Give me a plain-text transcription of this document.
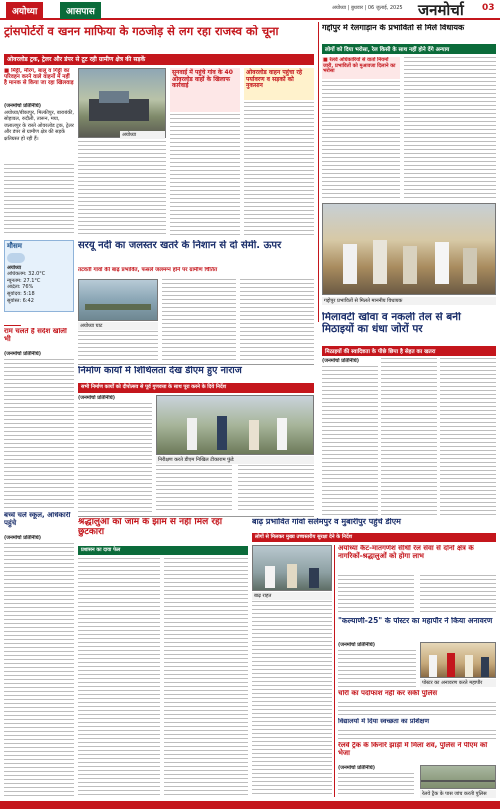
अयोध्या	आसपास	अयोध्या | बुधवार | 06 जुलाई, 2025 जनमोर्चा 03
ट्रांसपोर्टरों व खनन माफिया के गठजोड़ से लग रहा राजस्व को चूना
ओवरलोड ट्रक, ट्रेलर और डंपर से टूट रही ग्रामीण क्षेत्र की सड़कें
■ मिट्टी, मौरंग, बालू व गिट्टी का परिवहन करने वाले वाहनों में नहीं है मानक से किया जा रहा खिलवाड़
(जनमोर्चा प्रतिनिधि)
अयोध्या/बीकापुर, मिल्कीपुर, बाराबंकी, सोहावल, रुदौली, तारून, मया, जलालपुर के रास्ते ओवरलोड ट्रक, ट्रेलर और डंपर से ग्रामीण क्षेत्र की सड़कें क्षतिग्रस्त हो रही हैं।
अयोध्या
सुनवाई में पहुंचे गांव के 40 ओवरलोड वाहों के खिलाफ कार्रवाई
ओवरलोड वाहन पहुंचा रहे पर्यावरण व सड़कों को नुकसान
गद्दोपुर में रेलगाड़ान के प्रभावितों से मिले विधायक
लोगों को दिया भरोसा, रेल किसी के साथ नहीं होने देंगे अन्याय
■ रेलवे अधिकारियों से वार्ता नियमों जारी, प्रभावितों को मुआवजा दिलाने का भरोसा
गद्दोपुर प्रभावितों से मिलते माननीय विधायक
मौसम
अयोध्या
अधिकतम: 32.0°C
न्यूनतम: 27.1°C
आर्द्रता: 76%
सूर्योदय: 5:18
सूर्यास्त: 6:42
राम चलते हैं संदेश खोली भी
(जनमोर्चा प्रतिनिधि)
सरयू नदी का जलस्तर खतरे के निशान से दो सेमी. ऊपर
तटवर्ती गांवों की बाढ़ प्रभावित, फसलें जलमग्न होने पर ग्रामीण चिंतित
अयोध्या घाट
मिलावटी खोवा व नकली तेल से बनी मिठाइयों का धंधा जोरों पर
मिठाइयों की स्वादिष्टता के पीछे छिपा है सेहत का खतरा
(जनमोर्चा प्रतिनिधि)
निर्माण कार्यों में शिथिलता देख डीएम हुए नाराज
सभी निर्माण कार्यों को दीपोत्सव से पूर्व गुणवत्ता के साथ पूरा करने के दिये निर्देश
(जनमोर्चा प्रतिनिधि)
निरीक्षण करते डीएम निखिल टीकाराम फुंडे
बच्चे चले स्कूल, अधिकारी पहुंचे
(जनमोर्चा प्रतिनिधि)
श्रद्धालुओं को जाम के झाम से नहीं मिल रहा छुटकारा
प्रशासन का दावा फेल
बाढ़ प्रभावित गांवों सलेमपुर व मुबारीपुर पहुंचे डीएम
लोगों से मिलकर मुख्य उच्चस्तरीय सुरक्षा देने के निर्देश
बाढ़ राहत
अयोध्या कैंट-मातगणेश सीधी रेल सेवा से दोनों क्षेत्र के नागरिकों-श्रद्धालुओं को होगा लाभ
"कल्याणी-25" के पोस्टर का महापौर ने किया अनावरण
(जनमोर्चा प्रतिनिधि)
पोस्टर का अनावरण करते महापौर
चोरी का पर्दाफाश नहीं कर सकी पुलिस
विद्यालयों में दिया स्वच्छता का प्रशिक्षण
रेलवे ट्रैक के किनारे झाड़ी में मिला शव, पुलिस ने पीएम को भेजा
(जनमोर्चा प्रतिनिधि)
रेलवे ट्रैक के पास जांच करती पुलिस
